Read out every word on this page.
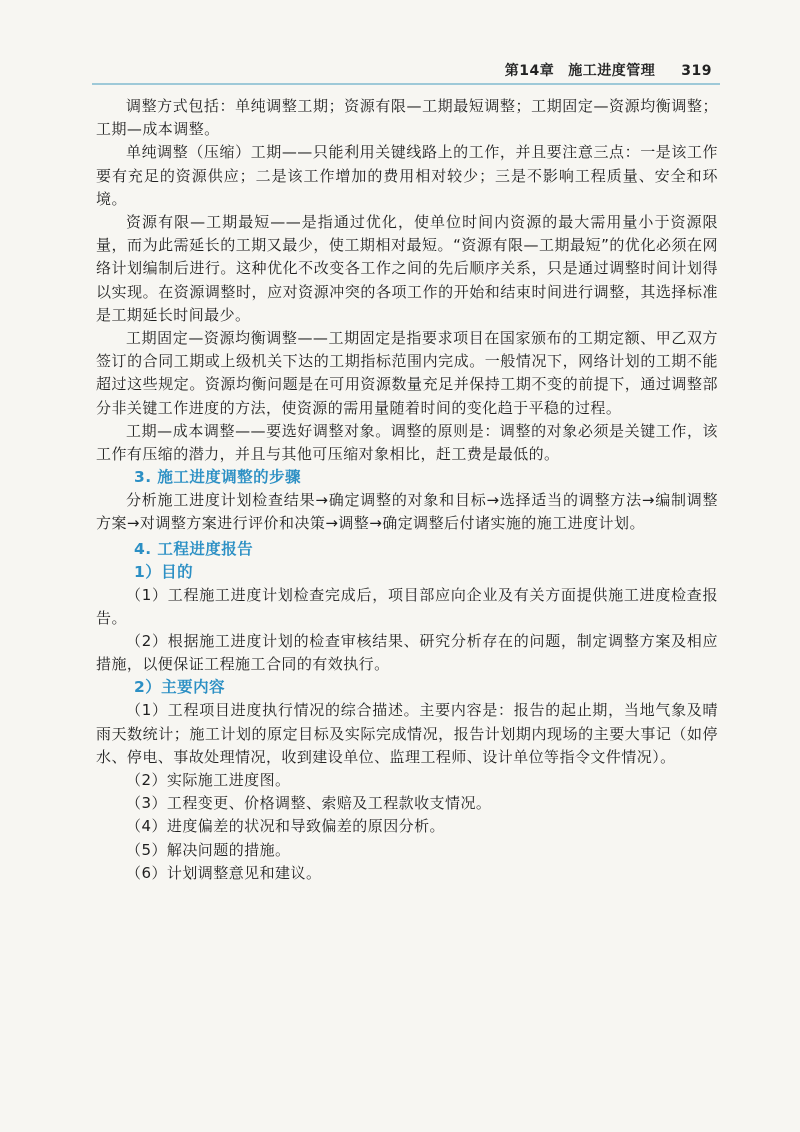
第14章 施工进度管理 319

调整方式包括：单纯调整工期；资源有限—工期最短调整；工期固定—资源均衡调整；工期—成本调整。

单纯调整（压缩）工期——只能利用关键线路上的工作，并且要注意三点：一是该工作要有充足的资源供应；二是该工作增加的费用相对较少；三是不影响工程质量、安全和环境。

资源有限—工期最短——是指通过优化，使单位时间内资源的最大需用量小于资源限量，而为此需延长的工期又最少，使工期相对最短。“资源有限—工期最短”的优化必须在网络计划编制后进行。这种优化不改变各工作之间的先后顺序关系，只是通过调整时间计划得以实现。在资源调整时，应对资源冲突的各项工作的开始和结束时间进行调整，其选择标准是工期延长时间最少。

工期固定—资源均衡调整——工期固定是指要求项目在国家颁布的工期定额、甲乙双方签订的合同工期或上级机关下达的工期指标范围内完成。一般情况下，网络计划的工期不能超过这些规定。资源均衡问题是在可用资源数量充足并保持工期不变的前提下，通过调整部分非关键工作进度的方法，使资源的需用量随着时间的变化趋于平稳的过程。

工期—成本调整——要选好调整对象。调整的原则是：调整的对象必须是关键工作，该工作有压缩的潜力，并且与其他可压缩对象相比，赶工费是最低的。

3. 施工进度调整的步骤

分析施工进度计划检查结果→确定调整的对象和目标→选择适当的调整方法→编制调整方案→对调整方案进行评价和决策→调整→确定调整后付诸实施的施工进度计划。

4. 工程进度报告
1）目的

（1）工程施工进度计划检查完成后，项目部应向企业及有关方面提供施工进度检查报告。

（2）根据施工进度计划的检查审核结果、研究分析存在的问题，制定调整方案及相应措施，以便保证工程施工合同的有效执行。

2）主要内容

（1）工程项目进度执行情况的综合描述。主要内容是：报告的起止期，当地气象及晴雨天数统计；施工计划的原定目标及实际完成情况，报告计划期内现场的主要大事记（如停水、停电、事故处理情况，收到建设单位、监理工程师、设计单位等指令文件情况）。

（2）实际施工进度图。

（3）工程变更、价格调整、索赔及工程款收支情况。

（4）进度偏差的状况和导致偏差的原因分析。

（5）解决问题的措施。

（6）计划调整意见和建议。
